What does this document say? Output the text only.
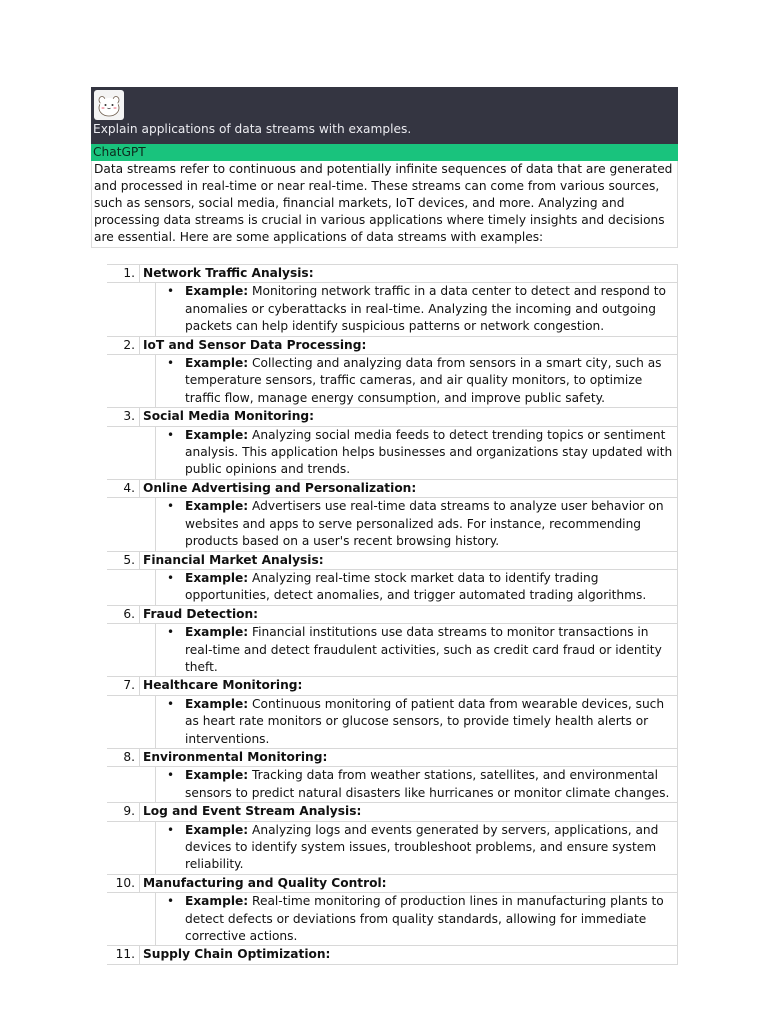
Explain applications of data streams with examples.
ChatGPT
Data streams refer to continuous and potentially infinite sequences of data that are generated and processed in real-time or near real-time. These streams can come from various sources, such as sensors, social media, financial markets, IoT devices, and more. Analyzing and processing data streams is crucial in various applications where timely insights and decisions are essential. Here are some applications of data streams with examples:
1. Network Traffic Analysis:
• Example: Monitoring network traffic in a data center to detect and respond to anomalies or cyberattacks in real-time. Analyzing the incoming and outgoing packets can help identify suspicious patterns or network congestion.
2. IoT and Sensor Data Processing:
• Example: Collecting and analyzing data from sensors in a smart city, such as temperature sensors, traffic cameras, and air quality monitors, to optimize traffic flow, manage energy consumption, and improve public safety.
3. Social Media Monitoring:
• Example: Analyzing social media feeds to detect trending topics or sentiment analysis. This application helps businesses and organizations stay updated with public opinions and trends.
4. Online Advertising and Personalization:
• Example: Advertisers use real-time data streams to analyze user behavior on websites and apps to serve personalized ads. For instance, recommending products based on a user's recent browsing history.
5. Financial Market Analysis:
• Example: Analyzing real-time stock market data to identify trading opportunities, detect anomalies, and trigger automated trading algorithms.
6. Fraud Detection:
• Example: Financial institutions use data streams to monitor transactions in real-time and detect fraudulent activities, such as credit card fraud or identity theft.
7. Healthcare Monitoring:
• Example: Continuous monitoring of patient data from wearable devices, such as heart rate monitors or glucose sensors, to provide timely health alerts or interventions.
8. Environmental Monitoring:
• Example: Tracking data from weather stations, satellites, and environmental sensors to predict natural disasters like hurricanes or monitor climate changes.
9. Log and Event Stream Analysis:
• Example: Analyzing logs and events generated by servers, applications, and devices to identify system issues, troubleshoot problems, and ensure system reliability.
10. Manufacturing and Quality Control:
• Example: Real-time monitoring of production lines in manufacturing plants to detect defects or deviations from quality standards, allowing for immediate corrective actions.
11. Supply Chain Optimization:
